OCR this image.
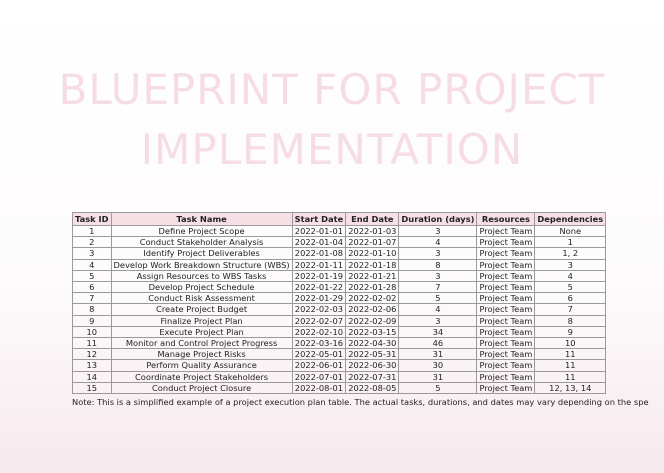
BLUEPRINT FOR PROJECT
IMPLEMENTATION
Task ID	Task Name	Start Date	End Date	Duration (days)	Resources	Dependencies
1	Define Project Scope	2022-01-01	2022-01-03	3	Project Team	None
2	Conduct Stakeholder Analysis	2022-01-04	2022-01-07	4	Project Team	1
3	Identify Project Deliverables	2022-01-08	2022-01-10	3	Project Team	1, 2
4	Develop Work Breakdown Structure (WBS)	2022-01-11	2022-01-18	8	Project Team	3
5	Assign Resources to WBS Tasks	2022-01-19	2022-01-21	3	Project Team	4
6	Develop Project Schedule	2022-01-22	2022-01-28	7	Project Team	5
7	Conduct Risk Assessment	2022-01-29	2022-02-02	5	Project Team	6
8	Create Project Budget	2022-02-03	2022-02-06	4	Project Team	7
9	Finalize Project Plan	2022-02-07	2022-02-09	3	Project Team	8
10	Execute Project Plan	2022-02-10	2022-03-15	34	Project Team	9
11	Monitor and Control Project Progress	2022-03-16	2022-04-30	46	Project Team	10
12	Manage Project Risks	2022-05-01	2022-05-31	31	Project Team	11
13	Perform Quality Assurance	2022-06-01	2022-06-30	30	Project Team	11
14	Coordinate Project Stakeholders	2022-07-01	2022-07-31	31	Project Team	11
15	Conduct Project Closure	2022-08-01	2022-08-05	5	Project Team	12, 13, 14
Note: This is a simplified example of a project execution plan table. The actual tasks, durations, and dates may vary depending on the spe
